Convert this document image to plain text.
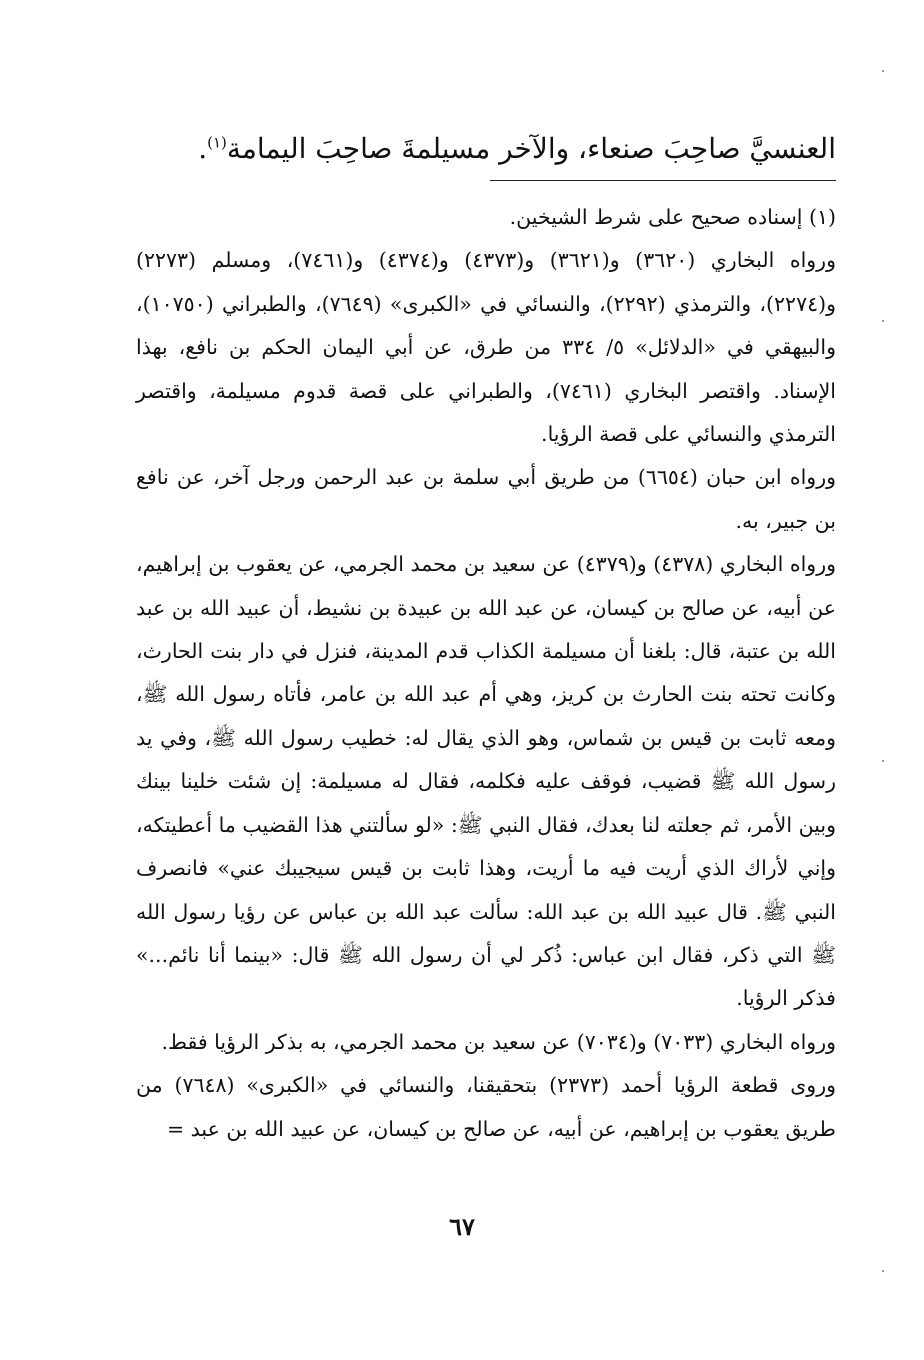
العنسيَّ صاحِبَ صنعاء، والآخر مسيلمةَ صاحِبَ اليمامة$^{(١)}$.

(١) إسناده صحيح على شرط الشيخين.

ورواه البخاري (٣٦٢٠) و(٣٦٢١) و(٤٣٧٣) و(٤٣٧٤) و(٧٤٦١)، ومسلم (٢٢٧٣) و(٢٢٧٤)، والترمذي (٢٢٩٢)، والنسائي في «الكبرى» (٧٦٤٩)، والطبراني (١٠٧٥٠)، والبيهقي في «الدلائل» ٥/ ٣٣٤ من طرق، عن أبي اليمان الحكم بن نافع، بهذا الإسناد. واقتصر البخاري (٧٤٦١)، والطبراني على قصة قدوم مسيلمة، واقتصر الترمذي والنسائي على قصة الرؤيا.

ورواه ابن حبان (٦٦٥٤) من طريق أبي سلمة بن عبد الرحمن ورجل آخر، عن نافع بن جبير، به.

ورواه البخاري (٤٣٧٨) و(٤٣٧٩) عن سعيد بن محمد الجرمي، عن يعقوب بن إبراهيم، عن أبيه، عن صالح بن كيسان، عن عبد الله بن عبيدة بن نشيط، أن عبيد الله بن عبد الله بن عتبة، قال: بلغنا أن مسيلمة الكذاب قدم المدينة، فنزل في دار بنت الحارث، وكانت تحته بنت الحارث بن كريز، وهي أم عبد الله بن عامر، فأتاه رسول الله ﷺ، ومعه ثابت بن قيس بن شماس، وهو الذي يقال له: خطيب رسول الله ﷺ، وفي يد رسول الله ﷺ قضيب، فوقف عليه فكلمه، فقال له مسيلمة: إن شئت خلينا بينك وبين الأمر، ثم جعلته لنا بعدك، فقال النبي ﷺ: «لو سألتني هذا القضيب ما أعطيتكه، وإني لأراك الذي أريت فيه ما أريت، وهذا ثابت بن قيس سيجيبك عني» فانصرف النبي ﷺ. قال عبيد الله بن عبد الله: سألت عبد الله بن عباس عن رؤيا رسول الله ﷺ التي ذكر، فقال ابن عباس: ذُكر لي أن رسول الله ﷺ قال: «بينما أنا نائم...» فذكر الرؤيا.

ورواه البخاري (٧٠٣٣) و(٧٠٣٤) عن سعيد بن محمد الجرمي، به بذكر الرؤيا فقط.

وروى قطعة الرؤيا أحمد (٢٣٧٣) بتحقيقنا، والنسائي في «الكبرى» (٧٦٤٨) من طريق يعقوب بن إبراهيم، عن أبيه، عن صالح بن كيسان، عن عبيد الله بن عبد =

٦٧
